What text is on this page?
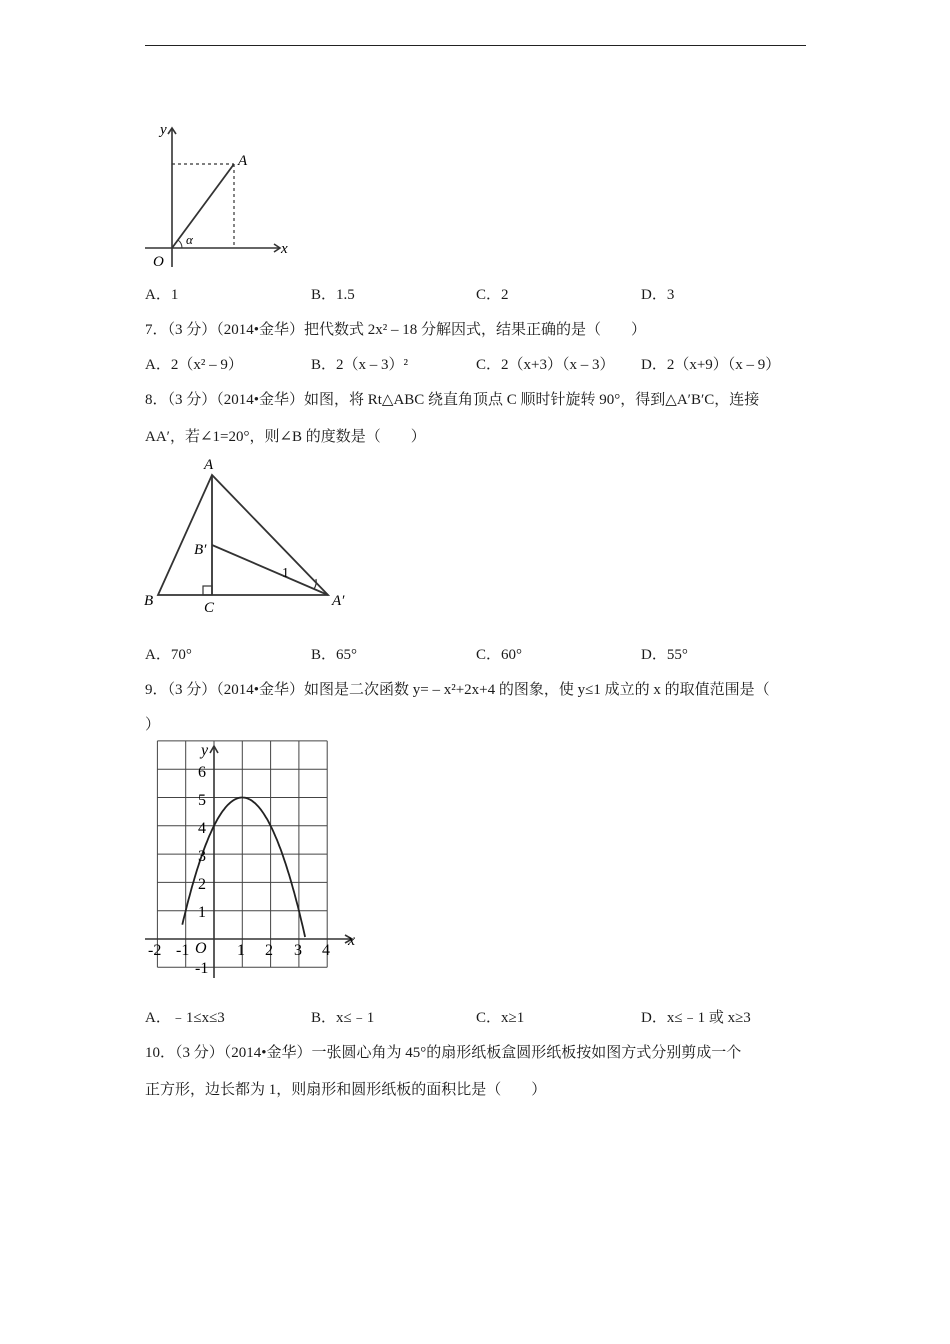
y
x
O
A
α
A．1	B．1.5	C．2	D．3
7．（3 分）（2014•金华）把代数式 2x² – 18 分解因式，结果正确的是（　　）
A．2（x² – 9）	B．2（x – 3）²	C．2（x+3）（x – 3） D．2（x+9）（x – 9）
8．（3 分）（2014•金华）如图，将 Rt△ABC 绕直角顶点 C 顺时针旋转 90°，得到△A′B′C，连接
AA′，若∠1=20°，则∠B 的度数是（　　）
A
B	C
B′
A′
1
A．70°	B．65°	C．60°	D．55°
9．（3 分）（2014•金华）如图是二次函数 y= – x²+2x+4 的图象，使 y≤1 成立的 x 的取值范围是（
）
y
x
O
-2 -1	1 2 3 4
6
5
4
3
2
1
-1
A．﹣1≤x≤3	B．x≤﹣1	C．x≥1	D．x≤﹣1 或 x≥3
10．（3 分）（2014•金华）一张圆心角为 45°的扇形纸板盒圆形纸板按如图方式分别剪成一个
正方形，边长都为 1，则扇形和圆形纸板的面积比是（　　）
